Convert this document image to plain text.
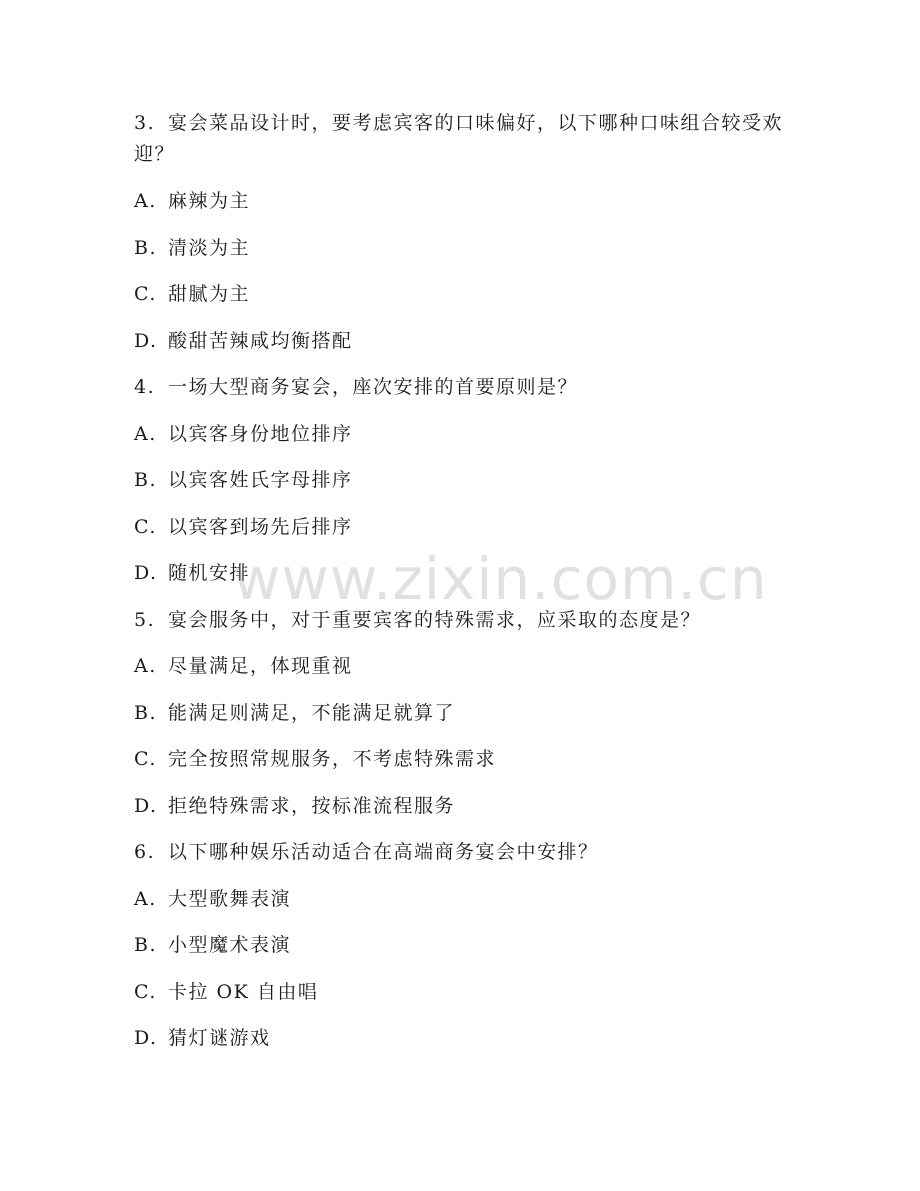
3. 宴会菜品设计时，要考虑宾客的口味偏好，以下哪种口味组合较受欢迎？
A. 麻辣为主
B. 清淡为主
C. 甜腻为主
D. 酸甜苦辣咸均衡搭配
4. 一场大型商务宴会，座次安排的首要原则是？
A. 以宾客身份地位排序
B. 以宾客姓氏字母排序
C. 以宾客到场先后排序
D. 随机安排
5. 宴会服务中，对于重要宾客的特殊需求，应采取的态度是？
A. 尽量满足，体现重视
B. 能满足则满足，不能满足就算了
C. 完全按照常规服务，不考虑特殊需求
D. 拒绝特殊需求，按标准流程服务
6. 以下哪种娱乐活动适合在高端商务宴会中安排？
A. 大型歌舞表演
B. 小型魔术表演
C. 卡拉 OK 自由唱
D. 猜灯谜游戏
www.zixin.com.cn
